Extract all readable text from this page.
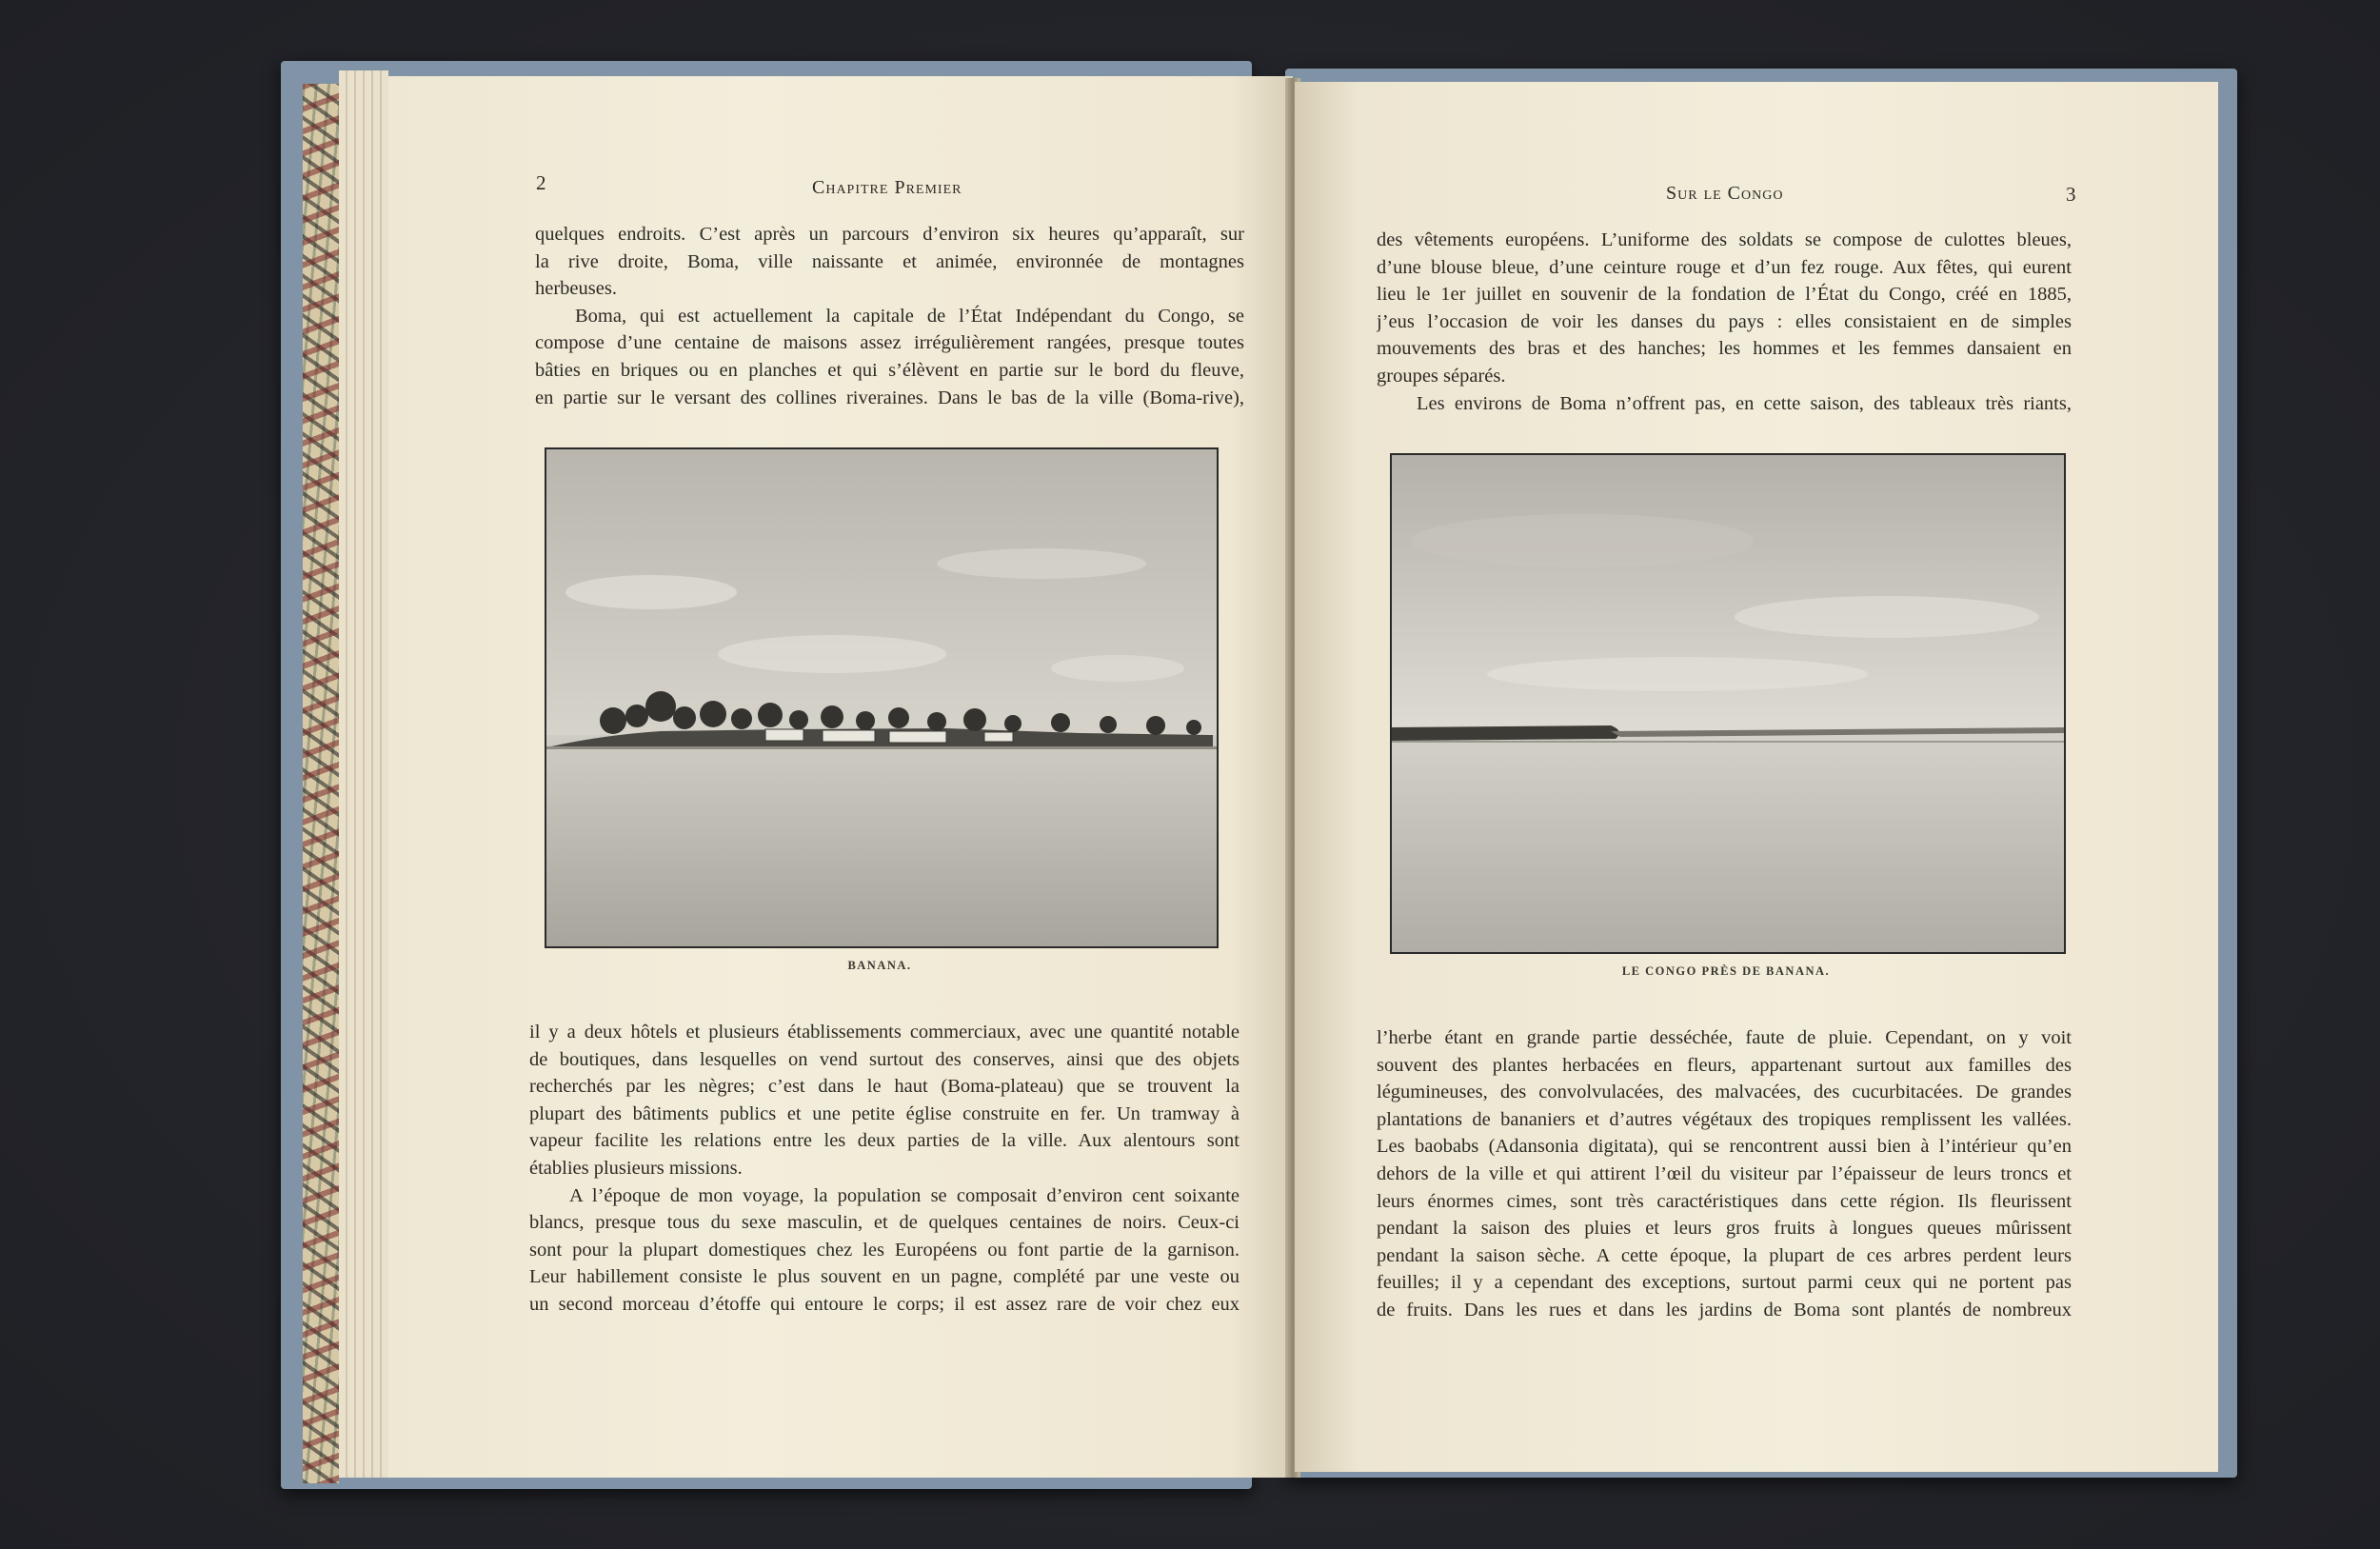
2	Chapitre Premier
quelques endroits. C’est après un parcours d’environ six heures qu’apparaît, sur
la rive droite, Boma, ville naissante et animée, environnée de montagnes
herbeuses.
Boma, qui est actuellement la capitale de l’État Indépendant du Congo, se
compose d’une centaine de maisons assez irrégulièrement rangées, presque toutes
bâties en briques ou en planches et qui s’élèvent en partie sur le bord du fleuve,
en partie sur le versant des collines riveraines. Dans le bas de la ville (Boma-rive),
BANANA.
il y a deux hôtels et plusieurs établissements commerciaux, avec une quantité notable
de boutiques, dans lesquelles on vend surtout des conserves, ainsi que des objets
recherchés par les nègres; c’est dans le haut (Boma-plateau) que se trouvent la
plupart des bâtiments publics et une petite église construite en fer. Un tramway à
vapeur facilite les relations entre les deux parties de la ville. Aux alentours sont
établies plusieurs missions.
A l’époque de mon voyage, la population se composait d’environ cent soixante
blancs, presque tous du sexe masculin, et de quelques centaines de noirs. Ceux-ci
sont pour la plupart domestiques chez les Européens ou font partie de la garnison.
Leur habillement consiste le plus souvent en un pagne, complété par une veste ou
un second morceau d’étoffe qui entoure le corps; il est assez rare de voir chez eux
Sur le Congo	3
des vêtements européens. L’uniforme des soldats se compose de culottes bleues,
d’une blouse bleue, d’une ceinture rouge et d’un fez rouge. Aux fêtes, qui eurent
lieu le 1er juillet en souvenir de la fondation de l’État du Congo, créé en 1885,
j’eus l’occasion de voir les danses du pays : elles consistaient en de simples
mouvements des bras et des hanches; les hommes et les femmes dansaient en
groupes séparés.
Les environs de Boma n’offrent pas, en cette saison, des tableaux très riants,
LE CONGO PRÈS DE BANANA.
l’herbe étant en grande partie desséchée, faute de pluie. Cependant, on y voit
souvent des plantes herbacées en fleurs, appartenant surtout aux familles des
légumineuses, des convolvulacées, des malvacées, des cucurbitacées. De grandes
plantations de bananiers et d’autres végétaux des tropiques remplissent les vallées.
Les baobabs (Adansonia digitata), qui se rencontrent aussi bien à l’intérieur qu’en
dehors de la ville et qui attirent l’œil du visiteur par l’épaisseur de leurs troncs et
leurs énormes cimes, sont très caractéristiques dans cette région. Ils fleurissent
pendant la saison des pluies et leurs gros fruits à longues queues mûrissent
pendant la saison sèche. A cette époque, la plupart de ces arbres perdent leurs
feuilles; il y a cependant des exceptions, surtout parmi ceux qui ne portent pas
de fruits. Dans les rues et dans les jardins de Boma sont plantés de nombreux
